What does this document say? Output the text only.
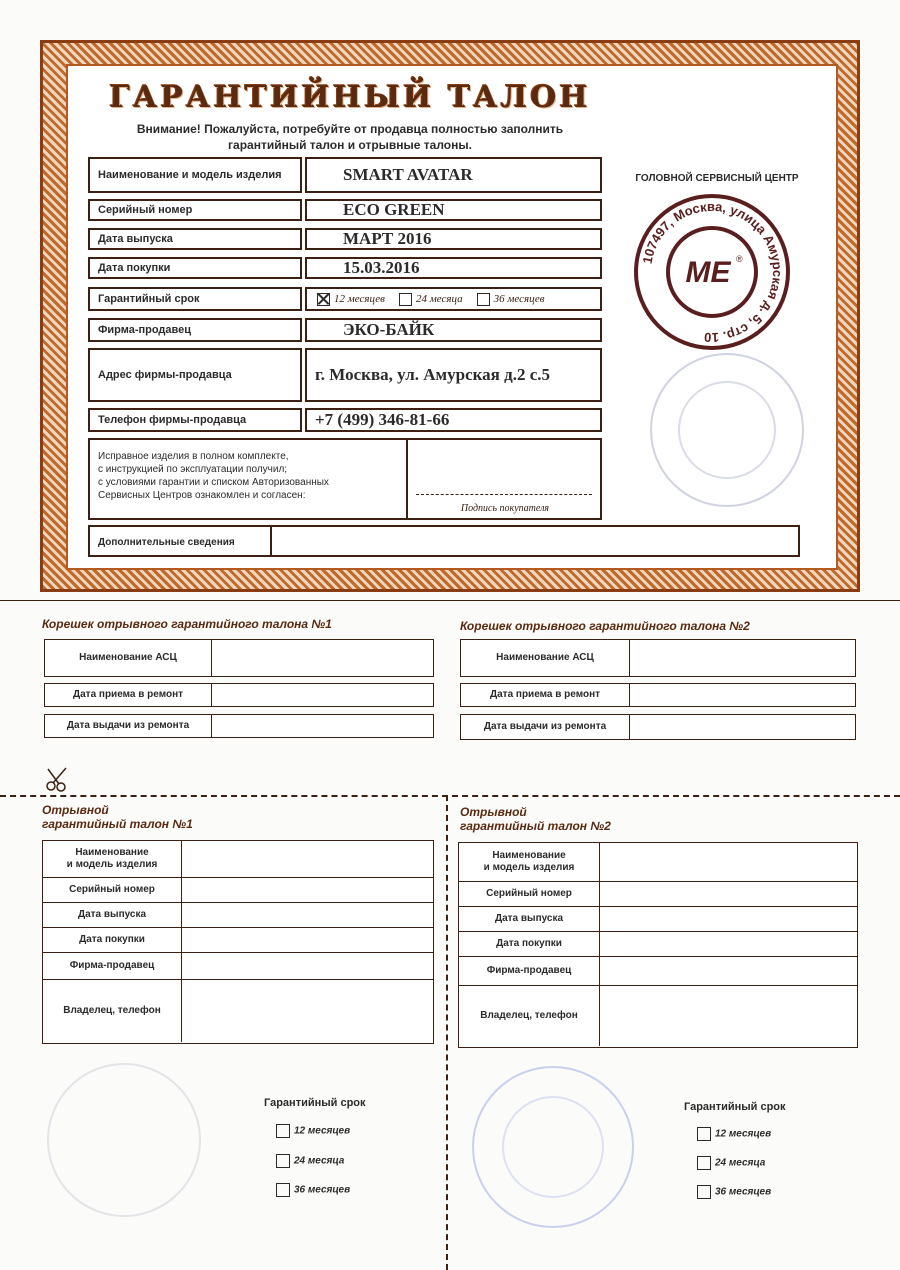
ГАРАНТИЙНЫЙ ТАЛОН
Внимание! Пожалуйста, потребуйте от продавца полностью заполнить
гарантийный талон и отрывные талоны.
Наименование и модель изделия	SMART AVATAR
Серийный номер	ECO GREEN
Дата выпуска	МАРТ 2016
Дата покупки	15.03.2016
Гарантийный срок	12 месяцев	24 месяца	36 месяцев
Фирма-продавец	ЭКО-БАЙК
Адрес фирмы-продавца	г. Москва, ул. Амурская д.2 с.5
Телефон фирмы-продавца	+7 (499) 346-81-66
Исправное изделия в полном комплекте,
с инструкцией по эксплуатации получил;
с условиями гарантии и списком Авторизованных
Сервисных Центров ознакомлен и согласен:
Подпись покупателя
Дополнительные сведения
ГОЛОВНОЙ СЕРВИСНЫЙ ЦЕНТР
107497, Москва, улица Амурская д. 5, стр. 10
ME ®
Корешек отрывного гарантийного талона №1	Корешек отрывного гарантийного талона №2
Наименование АСЦ
Дата приема в ремонт
Дата выдачи из ремонта
Наименование АСЦ
Дата приема в ремонт
Дата выдачи из ремонта
Отрывной
гарантийный талон №1
Наименование
и модель изделия
Серийный номер
Дата выпуска
Дата покупки
Фирма-продавец
Владелец, телефон
Гарантийный срок
12 месяцев
24 месяца
36 месяцев
Отрывной
гарантийный талон №2
Наименование
и модель изделия
Серийный номер
Дата выпуска
Дата покупки
Фирма-продавец
Владелец, телефон
Гарантийный срок
12 месяцев
24 месяца
36 месяцев
